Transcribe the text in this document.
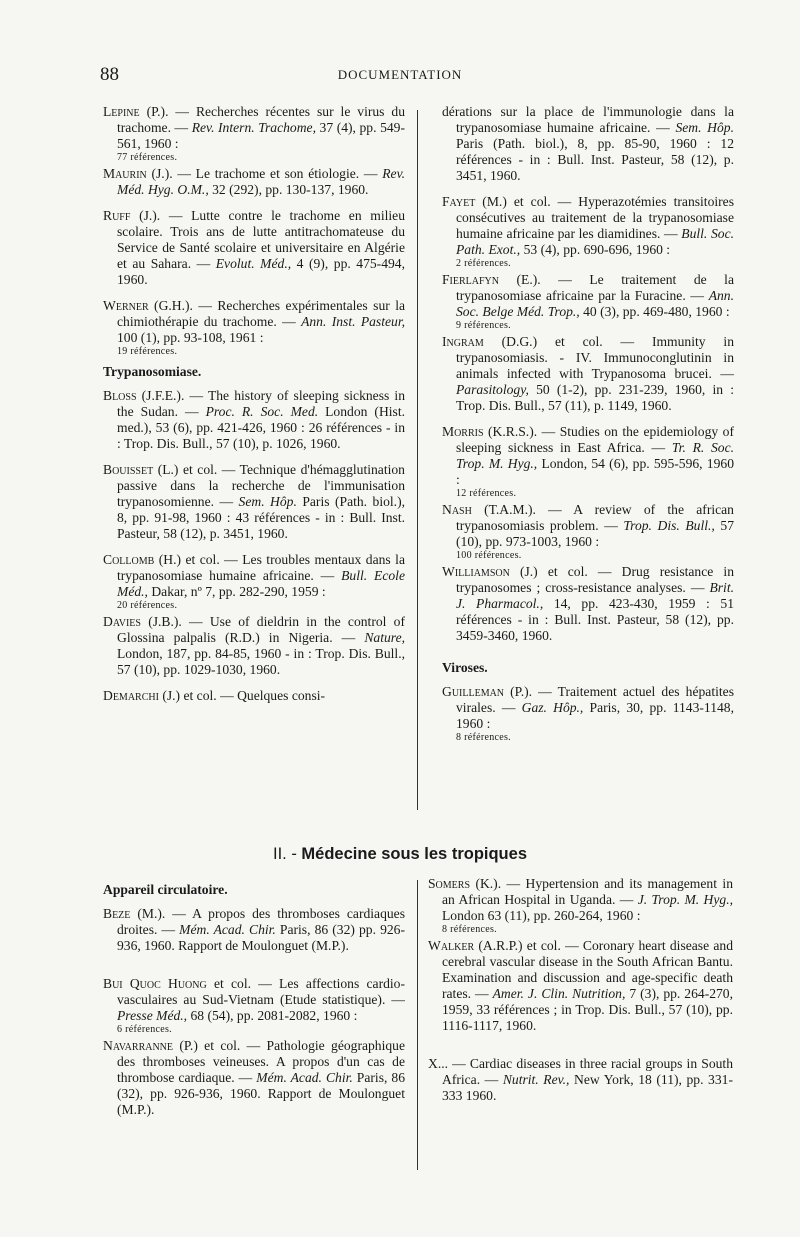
88	DOCUMENTATION
Lepine (P.). — Recherches récentes sur le virus du trachome. — Rev. Intern. Trachome, 37 (4), pp. 549-561, 1960 :
77 références.
Maurin (J.). — Le trachome et son étiologie. — Rev. Méd. Hyg. O.M., 32 (292), pp. 130-137, 1960.
Ruff (J.). — Lutte contre le trachome en milieu scolaire. Trois ans de lutte antitrachomateuse du Service de Santé scolaire et universitaire en Algérie et au Sahara. — Evolut. Méd., 4 (9), pp. 475-494, 1960.
Werner (G.H.). — Recherches expérimentales sur la chimiothérapie du trachome. — Ann. Inst. Pasteur, 100 (1), pp. 93-108, 1961 :
19 références.
Trypanosomiase.
Bloss (J.F.E.). — The history of sleeping sickness in the Sudan. — Proc. R. Soc. Med. London (Hist. med.), 53 (6), pp. 421-426, 1960 : 26 références - in : Trop. Dis. Bull., 57 (10), p. 1026, 1960.
Bouisset (L.) et col. — Technique d'hémagglutination passive dans la recherche de l'immunisation trypanosomienne. — Sem. Hôp. Paris (Path. biol.), 8, pp. 91-98, 1960 : 43 références - in : Bull. Inst. Pasteur, 58 (12), p. 3451, 1960.
Collomb (H.) et col. — Les troubles mentaux dans la trypanosomiase humaine africaine. — Bull. Ecole Méd., Dakar, nº 7, pp. 282-290, 1959 :
20 références.
Davies (J.B.). — Use of dieldrin in the control of Glossina palpalis (R.D.) in Nigeria. — Nature, London, 187, pp. 84-85, 1960 - in : Trop. Dis. Bull., 57 (10), pp. 1029-1030, 1960.
Demarchi (J.) et col. — Quelques consi-
dérations sur la place de l'immunologie dans la trypanosomiase humaine africaine. — Sem. Hôp. Paris (Path. biol.), 8, pp. 85-90, 1960 : 12 références - in : Bull. Inst. Pasteur, 58 (12), p. 3451, 1960.
Fayet (M.) et col. — Hyperazotémies transitoires consécutives au traitement de la trypanosomiase humaine africaine par les diamidines. — Bull. Soc. Path. Exot., 53 (4), pp. 690-696, 1960 :
2 références.
Fierlafyn (E.). — Le traitement de la trypanosomiase africaine par la Furacine. — Ann. Soc. Belge Méd. Trop., 40 (3), pp. 469-480, 1960 :
9 références.
Ingram (D.G.) et col. — Immunity in trypanosomiasis. - IV. Immunoconglutinin in animals infected with Trypanosoma brucei. — Parasitology, 50 (1-2), pp. 231-239, 1960, in : Trop. Dis. Bull., 57 (11), p. 1149, 1960.
Morris (K.R.S.). — Studies on the epidemiology of sleeping sickness in East Africa. — Tr. R. Soc. Trop. M. Hyg., London, 54 (6), pp. 595-596, 1960 :
12 références.
Nash (T.A.M.). — A review of the african trypanosomiasis problem. — Trop. Dis. Bull., 57 (10), pp. 973-1003, 1960 :
100 références.
Williamson (J.) et col. — Drug resistance in trypanosomes ; cross-resistance analyses. — Brit. J. Pharmacol., 14, pp. 423-430, 1959 : 51 références - in : Bull. Inst. Pasteur, 58 (12), pp. 3459-3460, 1960.
Viroses.
Guilleman (P.). — Traitement actuel des hépatites virales. — Gaz. Hôp., Paris, 30, pp. 1143-1148, 1960 :
8 références.
II. - Médecine sous les tropiques
Appareil circulatoire.
Beze (M.). — A propos des thromboses cardiaques droites. — Mém. Acad. Chir. Paris, 86 (32) pp. 926-936, 1960. Rapport de Moulonguet (M.P.).
Bui Quoc Huong et col. — Les affections cardio-vasculaires au Sud-Vietnam (Etude statistique). — Presse Méd., 68 (54), pp. 2081-2082, 1960 :
6 références.
Navarranne (P.) et col. — Pathologie géographique des thromboses veineuses. A propos d'un cas de thrombose cardiaque. — Mém. Acad. Chir. Paris, 86 (32), pp. 926-936, 1960. Rapport de Moulonguet (M.P.).
Somers (K.). — Hypertension and its management in an African Hospital in Uganda. — J. Trop. M. Hyg., London 63 (11), pp. 260-264, 1960 :
8 références.
Walker (A.R.P.) et col. — Coronary heart disease and cerebral vascular disease in the South African Bantu. Examination and discussion and age-specific death rates. — Amer. J. Clin. Nutrition, 7 (3), pp. 264-270, 1959, 33 références ; in Trop. Dis. Bull., 57 (10), pp. 1116-1117, 1960.
X... — Cardiac diseases in three racial groups in South Africa. — Nutrit. Rev., New York, 18 (11), pp. 331-333 1960.
